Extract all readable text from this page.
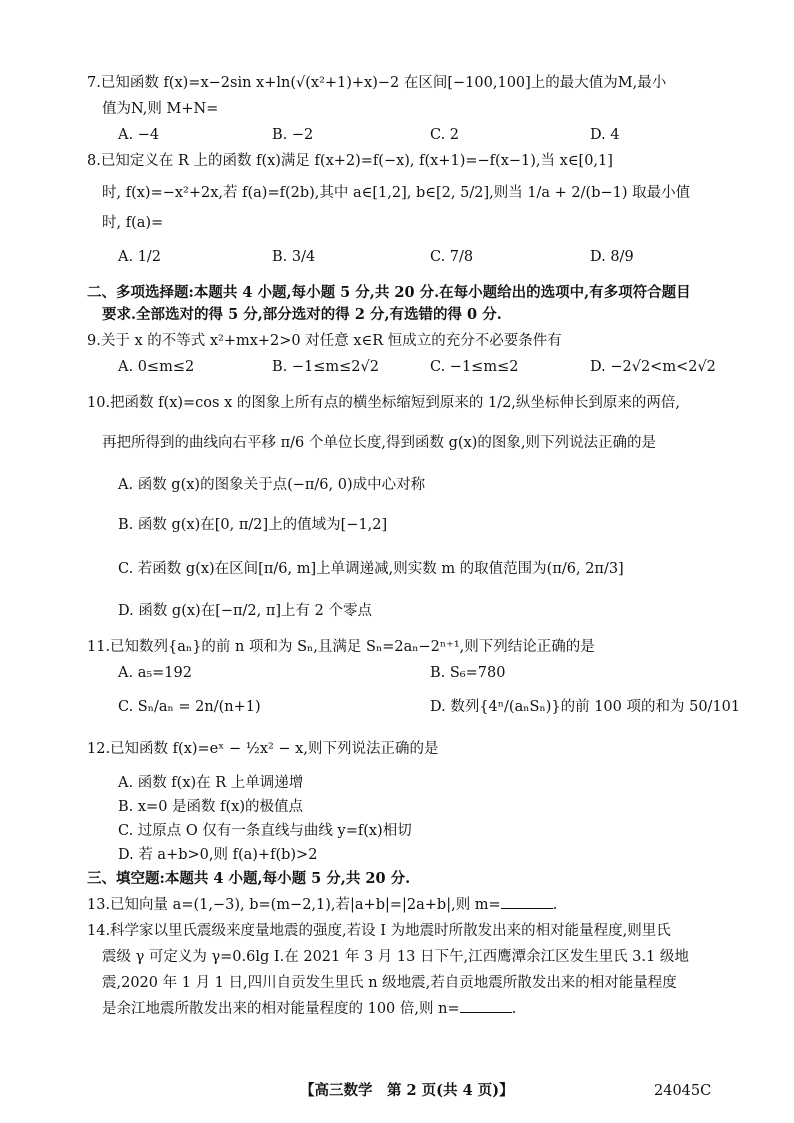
7.已知函数 f(x)=x−2sin x+ln(√(x²+1)+x)−2 在区间[−100,100]上的最大值为M,最小
值为N,则 M+N=
A. −4	B. −2	C. 2	D. 4
8.已知定义在 R 上的函数 f(x)满足 f(x+2)=f(−x), f(x+1)=−f(x−1),当 x∈[0,1]
时, f(x)=−x²+2x,若 f(a)=f(2b),其中 a∈[1,2], b∈[2, 5/2],则当 1/a + 2/(b−1) 取最小值
时, f(a)=
A. 1/2	B. 3/4	C. 7/8	D. 8/9
二、多项选择题:本题共 4 小题,每小题 5 分,共 20 分.在每小题给出的选项中,有多项符合题目
要求.全部选对的得 5 分,部分选对的得 2 分,有选错的得 0 分.
9.关于 x 的不等式 x²+mx+2>0 对任意 x∈R 恒成立的充分不必要条件有
A. 0≤m≤2	B. −1≤m≤2√2	C. −1≤m≤2	D. −2√2<m<2√2
10.把函数 f(x)=cos x 的图象上所有点的横坐标缩短到原来的 1/2,纵坐标伸长到原来的两倍,
再把所得到的曲线向右平移 π/6 个单位长度,得到函数 g(x)的图象,则下列说法正确的是
A. 函数 g(x)的图象关于点(−π/6, 0)成中心对称
B. 函数 g(x)在[0, π/2]上的值域为[−1,2]
C. 若函数 g(x)在区间[π/6, m]上单调递减,则实数 m 的取值范围为(π/6, 2π/3]
D. 函数 g(x)在[−π/2, π]上有 2 个零点
11.已知数列{aₙ}的前 n 项和为 Sₙ,且满足 Sₙ=2aₙ−2ⁿ⁺¹,则下列结论正确的是
A. a₅=192	B. S₆=780
C. Sₙ/aₙ = 2n/(n+1)	D. 数列{4ⁿ/(aₙSₙ)}的前 100 项的和为 50/101
12.已知函数 f(x)=eˣ − ½x² − x,则下列说法正确的是
A. 函数 f(x)在 R 上单调递增
B. x=0 是函数 f(x)的极值点
C. 过原点 O 仅有一条直线与曲线 y=f(x)相切
D. 若 a+b>0,则 f(a)+f(b)>2
三、填空题:本题共 4 小题,每小题 5 分,共 20 分.
13.已知向量 a=(1,−3), b=(m−2,1),若|a+b|=|2a+b|,则 m=	.
14.科学家以里氏震级来度量地震的强度,若设 I 为地震时所散发出来的相对能量程度,则里氏
震级 γ 可定义为 γ=0.6lg I.在 2021 年 3 月 13 日下午,江西鹰潭余江区发生里氏 3.1 级地
震,2020 年 1 月 1 日,四川自贡发生里氏 n 级地震,若自贡地震所散发出来的相对能量程度
是余江地震所散发出来的相对能量程度的 100 倍,则 n=	.
【高三数学　第 2 页(共 4 页)】	24045C
